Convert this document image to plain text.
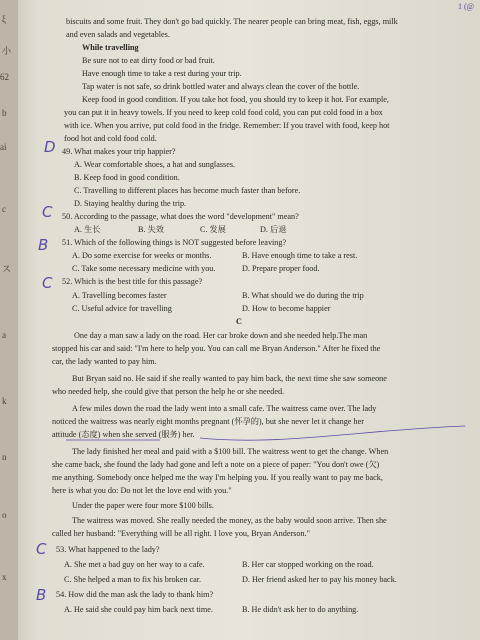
ξ
小
62
b
ai
c
ス
a
k
n
o
x
1 (@
biscuits and some fruit. They don't go bad quickly. The nearer people can bring meat, fish, eggs, milk
and even salads and vegetables.
While travelling
Be sure not to eat dirty food or bad fruit.
Have enough time to take a rest during your trip.
Tap water is not safe, so drink bottled water and always clean the cover of the bottle.
Keep food in good condition. If you take hot food, you should try to keep it hot. For example,
you can put it in heavy towels. If you need to keep cold food cold, you can put cold food in a box
with ice. When you arrive, put cold food in the fridge. Remember: If you travel with food, keep hot
food hot and cold food cold.
D 49. What makes your trip happier?
A. Wear comfortable shoes, a hat and sunglasses.
B. Keep food in good condition.
C. Travelling to different places has become much faster than before.
D. Staying healthy during the trip.
C 50. According to the passage, what does the word "development" mean?
A. 生长	B. 失效	C. 发展	D. 后退
B 51. Which of the following things is NOT suggested before leaving?
A. Do some exercise for weeks or months.	B. Have enough time to take a rest.
C. Take some necessary medicine with you.	D. Prepare proper food.
C 52. Which is the best title for this passage?
A. Travelling becomes faster	B. What should we do during the trip
C. Useful advice for travelling	D. How to become happier
C
One day a man saw a lady on the road. Her car broke down and she needed help.The man
stopped his car and said: "I'm here to help you. You can call me Bryan Anderson." After he fixed the
car, the lady wanted to pay him.
But Bryan said no. He said if she really wanted to pay him back, the next time she saw someone
who needed help, she could give that person the help he or she needed.
A few miles down the road the lady went into a small cafe. The waitress came over. The lady
noticed the waitress was nearly eight months pregnant (怀孕的), but she never let it change her
attitude (态度) when she served (服务) her.
The lady finished her meal and paid with a $100 bill. The waitress went to get the change. When
she came back, she found the lady had gone and left a note on a piece of paper: "You don't owe (欠)
me anything. Somebody once helped me the way I'm helping you. If you really want to pay me back,
here is what you do: Do not let the love end with you."
Under the paper were four more $100 bills.
The waitress was moved. She really needed the money, as the baby would soon arrive. Then she
called her husband: "Everything will be all right. I love you, Bryan Anderson."
C 53. What happened to the lady?
A. She met a bad guy on her way to a cafe.	B. Her car stopped working on the road.
C. She helped a man to fix his broken car.	D. Her friend asked her to pay his money back.
B 54. How did the man ask the lady to thank him?
A. He said she could pay him back next time.	B. He didn't ask her to do anything.
